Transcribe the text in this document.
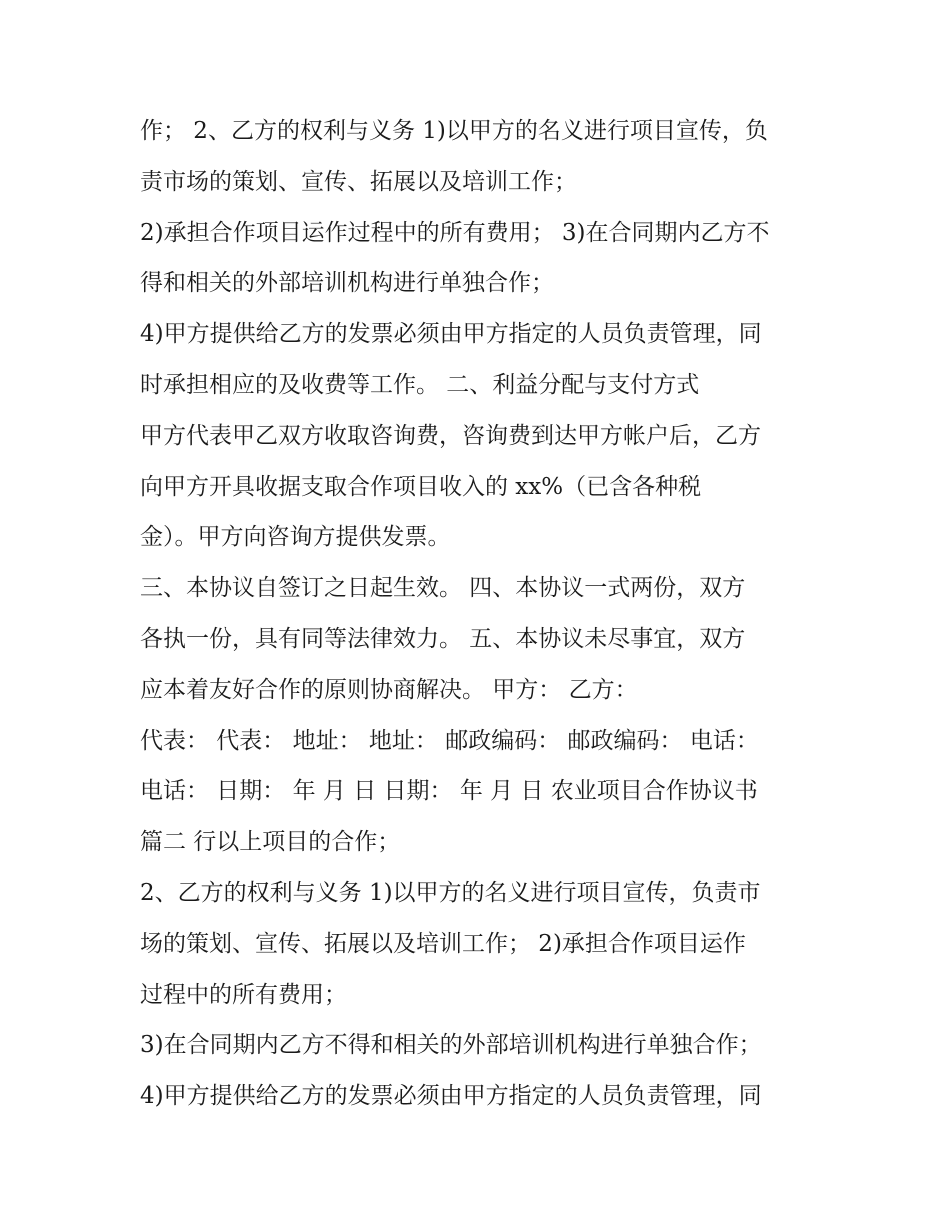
作； 2、乙方的权利与义务 1)以甲方的名义进行项目宣传，负
责市场的策划、宣传、拓展以及培训工作；
2)承担合作项目运作过程中的所有费用； 3)在合同期内乙方不
得和相关的外部培训机构进行单独合作；
4)甲方提供给乙方的发票必须由甲方指定的人员负责管理，同
时承担相应的及收费等工作。 二、利益分配与支付方式
甲方代表甲乙双方收取咨询费，咨询费到达甲方帐户后，乙方
向甲方开具收据支取合作项目收入的 xx%（已含各种税
金）。甲方向咨询方提供发票。
三、本协议自签订之日起生效。 四、本协议一式两份，双方
各执一份，具有同等法律效力。 五、本协议未尽事宜，双方
应本着友好合作的原则协商解决。 甲方： 乙方：
代表： 代表： 地址： 地址： 邮政编码： 邮政编码： 电话：
电话： 日期： 年 月 日 日期： 年 月 日 农业项目合作协议书
篇二 行以上项目的合作；
2、乙方的权利与义务 1)以甲方的名义进行项目宣传，负责市
场的策划、宣传、拓展以及培训工作； 2)承担合作项目运作
过程中的所有费用；
3)在合同期内乙方不得和相关的外部培训机构进行单独合作；
4)甲方提供给乙方的发票必须由甲方指定的人员负责管理，同
